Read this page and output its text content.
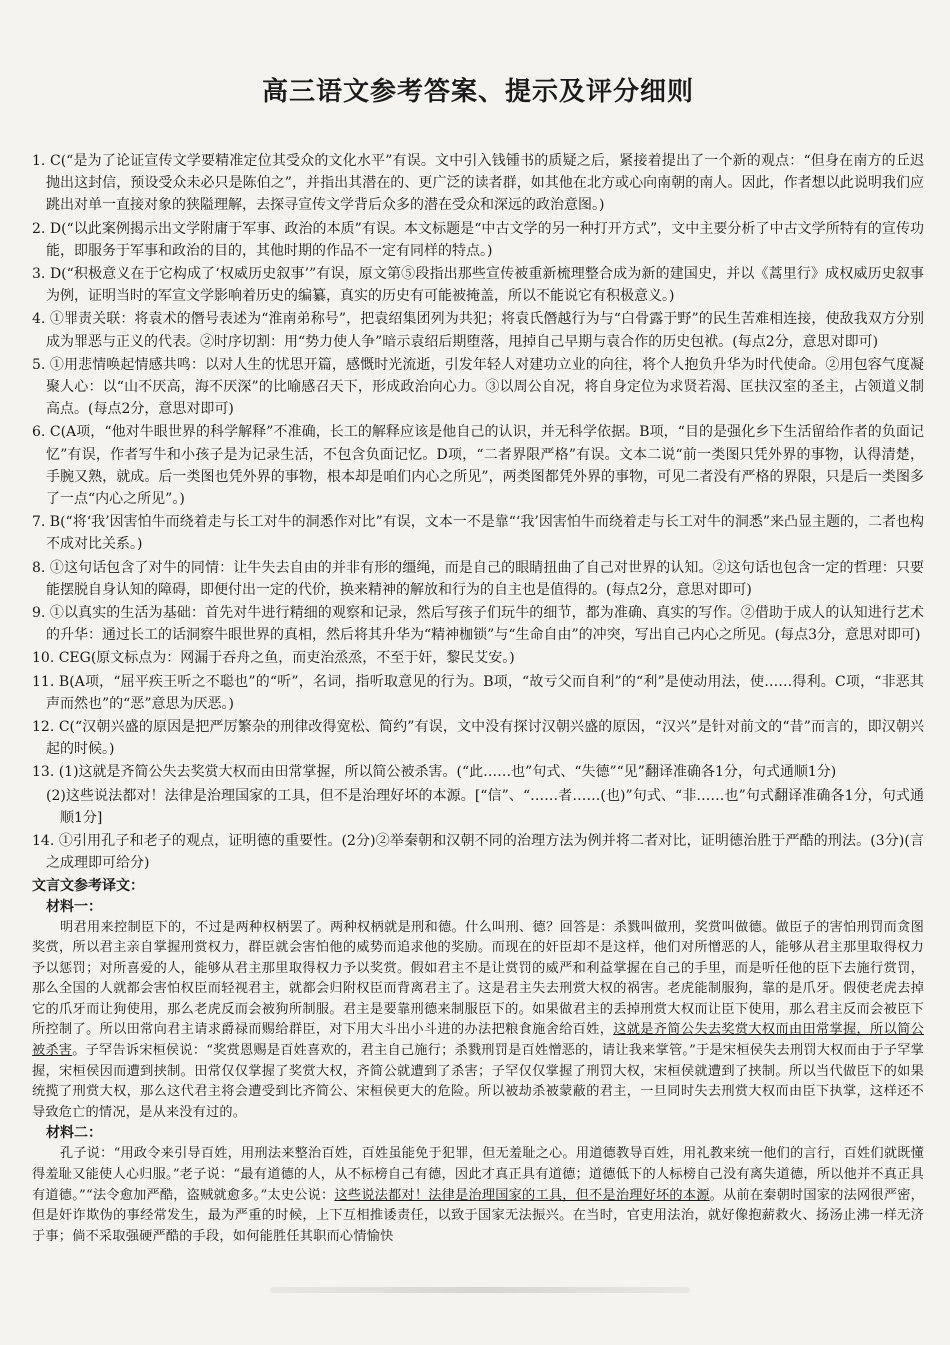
高三语文参考答案、提示及评分细则

1. C(“是为了论证宣传文学要精准定位其受众的文化水平”有误。文中引入钱锺书的质疑之后，紧接着提出了一个新的观点：“但身在南方的丘迟抛出这封信，预设受众未必只是陈伯之”，并指出其潜在的、更广泛的读者群，如其他在北方或心向南朝的南人。因此，作者想以此说明我们应跳出对单一直接对象的狭隘理解，去探寻宣传文学背后众多的潜在受众和深远的政治意图。)

2. D(“以此案例揭示出文学附庸于军事、政治的本质”有误。本文标题是“中古文学的另一种打开方式”，文中主要分析了中古文学所特有的宣传功能，即服务于军事和政治的目的，其他时期的作品不一定有同样的特点。)

3. D(“积极意义在于它构成了‘权威历史叙事’”有误，原文第⑤段指出那些宣传被重新梳理整合成为新的建国史，并以《蒿里行》成权威历史叙事为例，证明当时的军宣文学影响着历史的编纂，真实的历史有可能被掩盖，所以不能说它有积极意义。)

4. ①罪责关联：将袁术的僭号表述为“淮南弟称号”，把袁绍集团列为共犯；将袁氏僭越行为与“白骨露于野”的民生苦难相连接，使敌我双方分别成为罪恶与正义的代表。②时序切割：用“势力使人争”暗示袁绍后期堕落，甩掉自己早期与袁合作的历史包袱。(每点2分，意思对即可)

5. ①用悲情唤起情感共鸣：以对人生的忧思开篇，感慨时光流逝，引发年轻人对建功立业的向往，将个人抱负升华为时代使命。②用包容气度凝聚人心：以“山不厌高，海不厌深”的比喻感召天下，形成政治向心力。③以周公自况，将自身定位为求贤若渴、匡扶汉室的圣主，占领道义制高点。(每点2分，意思对即可)

6. C(A项，“他对牛眼世界的科学解释”不准确，长工的解释应该是他自己的认识，并无科学依据。B项，“目的是强化乡下生活留给作者的负面记忆”有误，作者写牛和小孩子是为记录生活，不包含负面记忆。D项，“二者界限严格”有误。文本二说“前一类图只凭外界的事物，认得清楚，手腕又熟，就成。后一类图也凭外界的事物，根本却是咱们内心之所见”，两类图都凭外界的事物，可见二者没有严格的界限，只是后一类图多了一点“内心之所见”。)

7. B(“将‘我’因害怕牛而绕着走与长工对牛的洞悉作对比”有误，文本一不是靠“‘我’因害怕牛而绕着走与长工对牛的洞悉”来凸显主题的，二者也构不成对比关系。)

8. ①这句话包含了对牛的同情：让牛失去自由的并非有形的缰绳，而是自己的眼睛扭曲了自己对世界的认知。②这句话也包含一定的哲理：只要能摆脱自身认知的障碍，即便付出一定的代价，换来精神的解放和行为的自主也是值得的。(每点2分，意思对即可)

9. ①以真实的生活为基础：首先对牛进行精细的观察和记录，然后写孩子们玩牛的细节，都为准确、真实的写作。②借助于成人的认知进行艺术的升华：通过长工的话洞察牛眼世界的真相，然后将其升华为“精神枷锁”与“生命自由”的冲突，写出自己内心之所见。(每点3分，意思对即可)

10. CEG(原文标点为：网漏于吞舟之鱼，而吏治烝烝，不至于奸，黎民艾安。)

11. B(A项，“屈平疾王听之不聪也”的“听”，名词，指听取意见的行为。B项，“故亏父而自利”的“利”是使动用法，使……得利。C项，“非恶其声而然也”的“恶”意思为厌恶。)

12. C(“汉朝兴盛的原因是把严厉繁杂的刑律改得宽松、简约”有误，文中没有探讨汉朝兴盛的原因，“汉兴”是针对前文的“昔”而言的，即汉朝兴起的时候。)

13. (1)这就是齐简公失去奖赏大权而由田常掌握，所以简公被杀害。(“此……也”句式、“失德”“见”翻译准确各1分，句式通顺1分)

(2)这些说法都对！法律是治理国家的工具，但不是治理好坏的本源。[“信”、“……者……(也)”句式、“非……也”句式翻译准确各1分，句式通顺1分]

14. ①引用孔子和老子的观点，证明德的重要性。(2分)②举秦朝和汉朝不同的治理方法为例并将二者对比，证明德治胜于严酷的刑法。(3分)(言之成理即可给分)

文言文参考译文：
材料一：
明君用来控制臣下的，不过是两种权柄罢了。两种权柄就是刑和德。什么叫刑、德？回答是：杀戮叫做刑，奖赏叫做德。做臣子的害怕刑罚而贪图奖赏，所以君主亲自掌握刑赏权力，群臣就会害怕他的威势而追求他的奖励。而现在的奸臣却不是这样，他们对所憎恶的人，能够从君主那里取得权力予以惩罚；对所喜爱的人，能够从君主那里取得权力予以奖赏。假如君主不是让赏罚的威严和利益掌握在自己的手里，而是听任他的臣下去施行赏罚，那么全国的人就都会害怕权臣而轻视君主，就都会归附权臣而背离君主了。这是君主失去刑赏大权的祸害。老虎能制服狗，靠的是爪牙。假使老虎去掉它的爪牙而让狗使用，那么老虎反而会被狗所制服。君主是要靠刑德来制服臣下的。如果做君主的丢掉刑赏大权而让臣下使用，那么君主反而会被臣下所控制了。所以田常向君主请求爵禄而赐给群臣，对下用大斗出小斗进的办法把粮食施舍给百姓，这就是齐简公失去奖赏大权而由田常掌握，所以简公被杀害。子罕告诉宋桓侯说：“奖赏恩赐是百姓喜欢的，君主自己施行；杀戮刑罚是百姓憎恶的，请让我来掌管。”于是宋桓侯失去刑罚大权而由于子罕掌握，宋桓侯因而遭到挟制。田常仅仅掌握了奖赏大权，齐简公就遭到了杀害；子罕仅仅掌握了刑罚大权，宋桓侯就遭到了挟制。所以当代做臣下的如果统揽了刑赏大权，那么这代君主将会遭受到比齐简公、宋桓侯更大的危险。所以被劫杀被蒙蔽的君主，一旦同时失去刑赏大权而由臣下执掌，这样还不导致危亡的情况，是从来没有过的。
材料二：
孔子说：“用政令来引导百姓，用刑法来整治百姓，百姓虽能免于犯罪，但无羞耻之心。用道德教导百姓，用礼教来统一他们的言行，百姓们就既懂得羞耻又能使人心归服。”老子说：“最有道德的人，从不标榜自己有德，因此才真正具有道德；道德低下的人标榜自己没有离失道德，所以他并不真正具有道德。”“法令愈加严酷，盗贼就愈多。”太史公说：这些说法都对！法律是治理国家的工具，但不是治理好坏的本源。从前在秦朝时国家的法网很严密，但是奸诈欺伪的事经常发生，最为严重的时候，上下互相推诿责任，以致于国家无法振兴。在当时，官吏用法治，就好像抱薪救火、扬汤止沸一样无济于事；倘不采取强硬严酷的手段，如何能胜任其职而心情愉快
